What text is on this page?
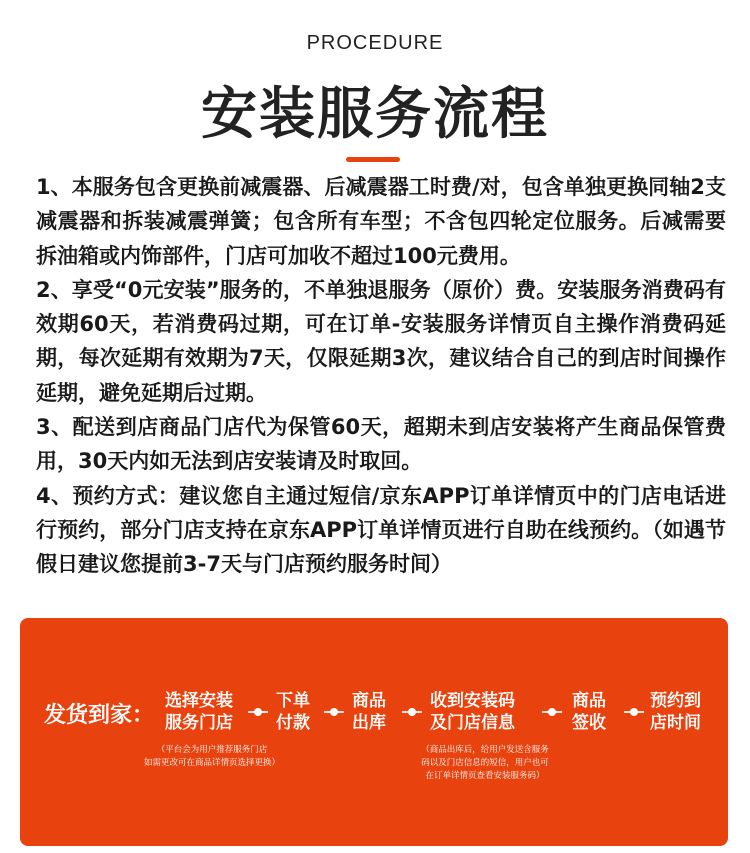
PROCEDURE
安装服务流程

1、本服务包含更换前减震器、后减震器工时费/对，包含单独更换同轴2支减震器和拆装减震弹簧；包含所有车型；不含包四轮定位服务。后减需要拆油箱或内饰部件，门店可加收不超过100元费用。

2、享受“0元安装”服务的，不单独退服务（原价）费。安装服务消费码有效期60天，若消费码过期，可在订单-安装服务详情页自主操作消费码延期，每次延期有效期为7天，仅限延期3次，建议结合自己的到店时间操作延期，避免延期后过期。

3、配送到店商品门店代为保管60天，超期未到店安装将产生商品保管费用，30天内如无法到店安装请及时取回。

4、预约方式：建议您自主通过短信/京东APP订单详情页中的门店电话进行预约，部分门店支持在京东APP订单详情页进行自助在线预约。（如遇节假日建议您提前3-7天与门店预约服务时间）

发货到家：
选择安装
服务门店
下单
付款
商品
出库
收到安装码
及门店信息
商品
签收
预约到
店时间
（平台会为用户推荐服务门店
如需更改可在商品详情页选择更换）
（商品出库后，给用户发送含服务
码以及门店信息的短信，用户也可
在订单详情页查看安装服务码）
